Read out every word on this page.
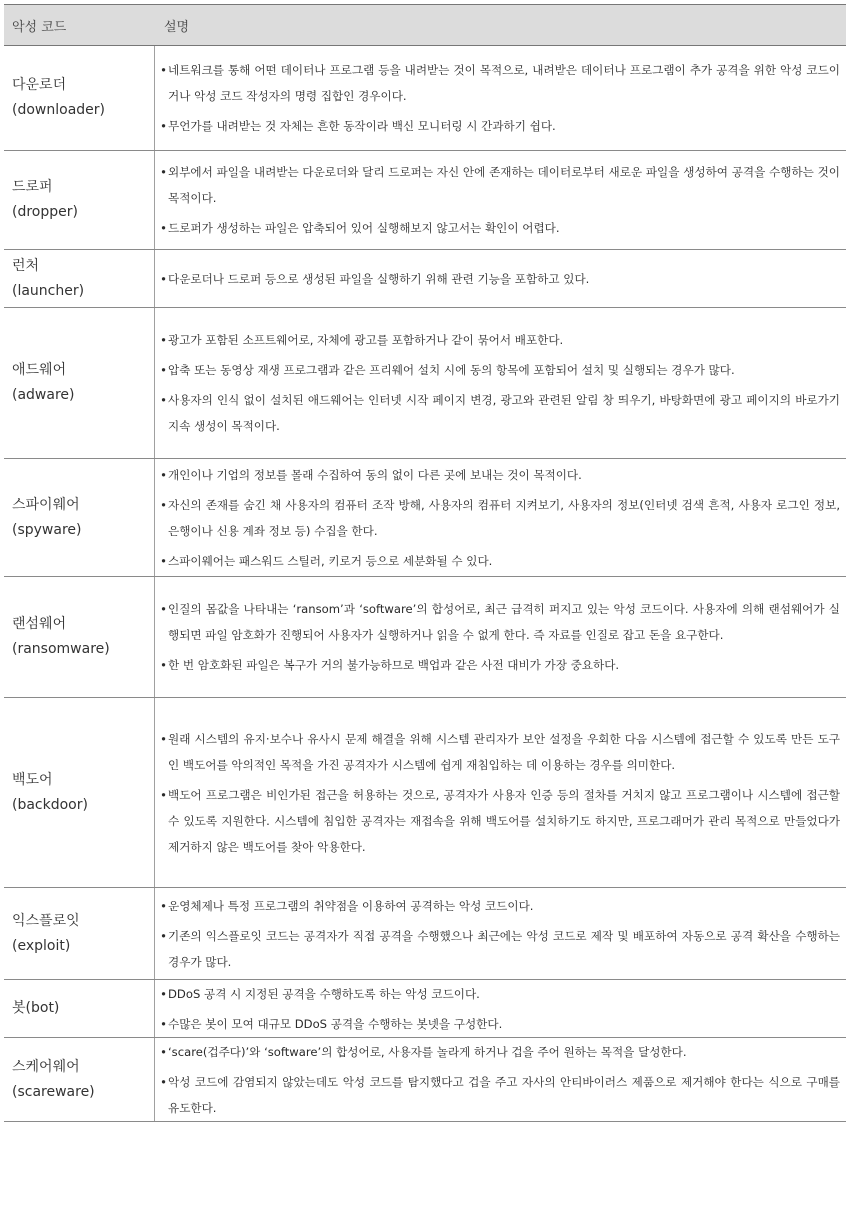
악성 코드	설명
다운로더
(downloader)
• 네트워크를 통해 어떤 데이터나 프로그램 등을 내려받는 것이 목적으로, 내려받은 데이터나 프로그램이 추가 공격을 위한 악성 코드이거나 악성 코드 작성자의 명령 집합인 경우이다.
• 무언가를 내려받는 것 자체는 흔한 동작이라 백신 모니터링 시 간과하기 쉽다.
드로퍼
(dropper)
• 외부에서 파일을 내려받는 다운로더와 달리 드로퍼는 자신 안에 존재하는 데이터로부터 새로운 파일을 생성하여 공격을 수행하는 것이 목적이다.
• 드로퍼가 생성하는 파일은 압축되어 있어 실행해보지 않고서는 확인이 어렵다.
런처
(launcher)
• 다운로더나 드로퍼 등으로 생성된 파일을 실행하기 위해 관련 기능을 포함하고 있다.
애드웨어
(adware)
• 광고가 포함된 소프트웨어로, 자체에 광고를 포함하거나 같이 묶어서 배포한다.
• 압축 또는 동영상 재생 프로그램과 같은 프리웨어 설치 시에 동의 항목에 포함되어 설치 및 실행되는 경우가 많다.
• 사용자의 인식 없이 설치된 애드웨어는 인터넷 시작 페이지 변경, 광고와 관련된 알림 창 띄우기, 바탕화면에 광고 페이지의 바로가기 지속 생성이 목적이다.
스파이웨어
(spyware)
• 개인이나 기업의 정보를 몰래 수집하여 동의 없이 다른 곳에 보내는 것이 목적이다.
• 자신의 존재를 숨긴 채 사용자의 컴퓨터 조작 방해, 사용자의 컴퓨터 지켜보기, 사용자의 정보(인터넷 검색 흔적, 사용자 로그인 정보, 은행이나 신용 계좌 정보 등) 수집을 한다.
• 스파이웨어는 패스워드 스틸러, 키로거 등으로 세분화될 수 있다.
랜섬웨어
(ransomware)
• 인질의 몸값을 나타내는 ‘ransom’과 ‘software’의 합성어로, 최근 급격히 퍼지고 있는 악성 코드이다. 사용자에 의해 랜섬웨어가 실행되면 파일 암호화가 진행되어 사용자가 실행하거나 읽을 수 없게 한다. 즉 자료를 인질로 잡고 돈을 요구한다.
• 한 번 암호화된 파일은 복구가 거의 불가능하므로 백업과 같은 사전 대비가 가장 중요하다.
백도어
(backdoor)
• 원래 시스템의 유지·보수나 유사시 문제 해결을 위해 시스템 관리자가 보안 설정을 우회한 다음 시스템에 접근할 수 있도록 만든 도구인 백도어를 악의적인 목적을 가진 공격자가 시스템에 쉽게 재침입하는 데 이용하는 경우를 의미한다.
• 백도어 프로그램은 비인가된 접근을 허용하는 것으로, 공격자가 사용자 인증 등의 절차를 거치지 않고 프로그램이나 시스템에 접근할 수 있도록 지원한다. 시스템에 침입한 공격자는 재접속을 위해 백도어를 설치하기도 하지만, 프로그래머가 관리 목적으로 만들었다가 제거하지 않은 백도어를 찾아 악용한다.
익스플로잇
(exploit)
• 운영체제나 특정 프로그램의 취약점을 이용하여 공격하는 악성 코드이다.
• 기존의 익스플로잇 코드는 공격자가 직접 공격을 수행했으나 최근에는 악성 코드로 제작 및 배포하여 자동으로 공격 확산을 수행하는 경우가 많다.
봇(bot)
• DDoS 공격 시 지정된 공격을 수행하도록 하는 악성 코드이다.
• 수많은 봇이 모여 대규모 DDoS 공격을 수행하는 봇넷을 구성한다.
스케어웨어
(scareware)
• ‘scare(겁주다)’와 ‘software’의 합성어로, 사용자를 놀라게 하거나 겁을 주어 원하는 목적을 달성한다.
• 악성 코드에 감염되지 않았는데도 악성 코드를 탐지했다고 겁을 주고 자사의 안티바이러스 제품으로 제거해야 한다는 식으로 구매를 유도한다.
